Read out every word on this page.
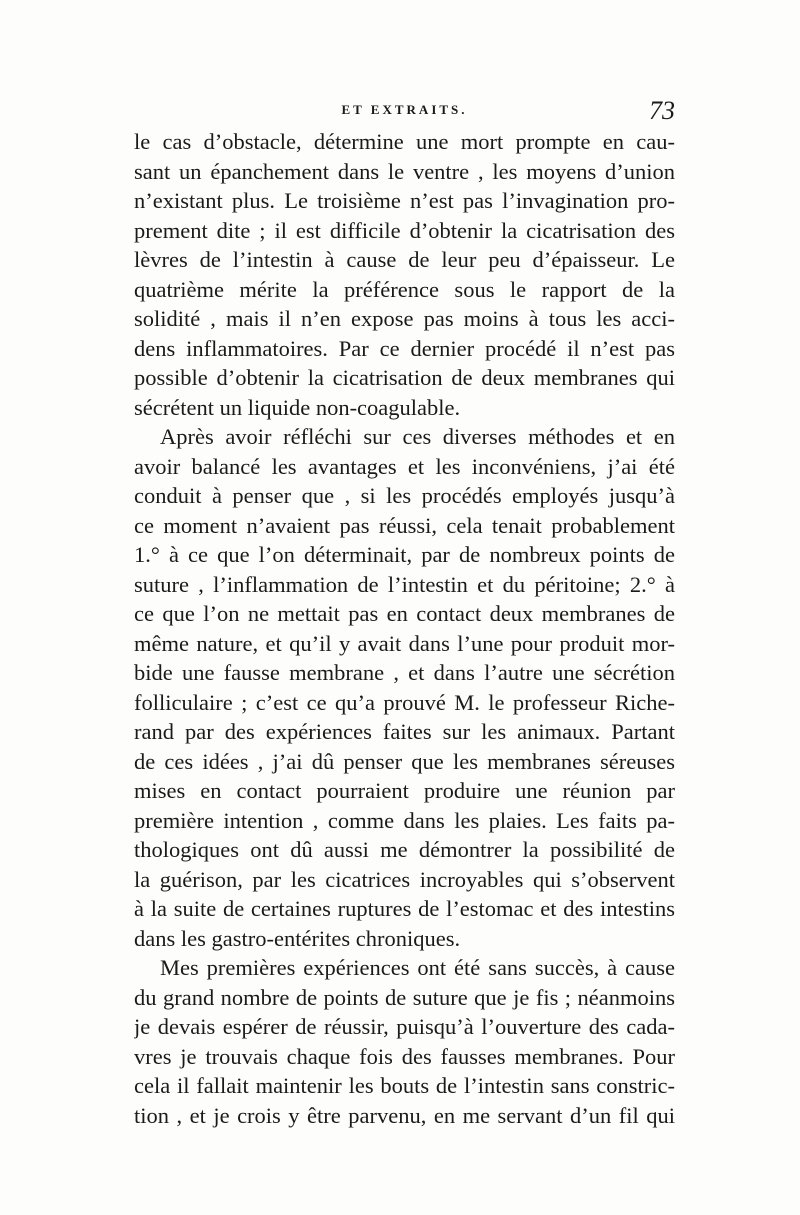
ET EXTRAITS.	73
le cas d’obstacle, détermine une mort prompte en cau-
sant un épanchement dans le ventre , les moyens d’union
n’existant plus. Le troisième n’est pas l’invagination pro-
prement dite ; il est difficile d’obtenir la cicatrisation des
lèvres de l’intestin à cause de leur peu d’épaisseur. Le
quatrième mérite la préférence sous le rapport de la
solidité , mais il n’en expose pas moins à tous les acci-
dens inflammatoires. Par ce dernier procédé il n’est pas
possible d’obtenir la cicatrisation de deux membranes qui
sécrétent un liquide non-coagulable.
Après avoir réfléchi sur ces diverses méthodes et en
avoir balancé les avantages et les inconvéniens, j’ai été
conduit à penser que , si les procédés employés jusqu’à
ce moment n’avaient pas réussi, cela tenait probablement
1.° à ce que l’on déterminait, par de nombreux points de
suture , l’inflammation de l’intestin et du péritoine; 2.° à
ce que l’on ne mettait pas en contact deux membranes de
même nature, et qu’il y avait dans l’une pour produit mor-
bide une fausse membrane , et dans l’autre une sécrétion
folliculaire ; c’est ce qu’a prouvé M. le professeur Riche-
rand par des expériences faites sur les animaux. Partant
de ces idées , j’ai dû penser que les membranes séreuses
mises en contact pourraient produire une réunion par
première intention , comme dans les plaies. Les faits pa-
thologiques ont dû aussi me démontrer la possibilité de
la guérison, par les cicatrices incroyables qui s’observent
à la suite de certaines ruptures de l’estomac et des intestins
dans les gastro-entérites chroniques.
Mes premières expériences ont été sans succès, à cause
du grand nombre de points de suture que je fis ; néanmoins
je devais espérer de réussir, puisqu’à l’ouverture des cada-
vres je trouvais chaque fois des fausses membranes. Pour
cela il fallait maintenir les bouts de l’intestin sans constric-
tion , et je crois y être parvenu, en me servant d’un fil qui
